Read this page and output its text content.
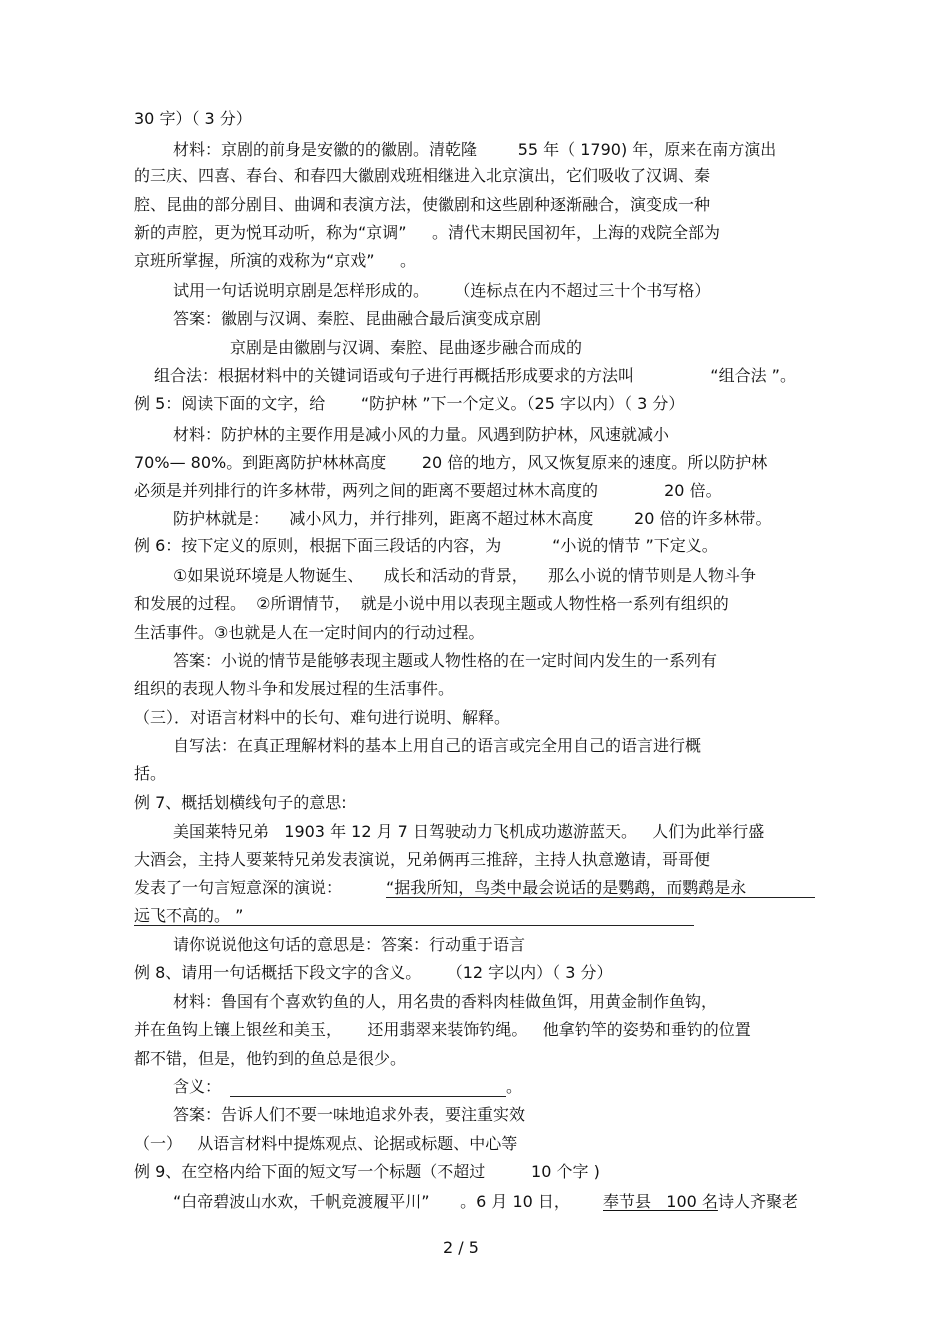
30 字）（ 3 分）
材料：京剧的前身是安徽的的徽剧。清乾隆        55 年（ 1790) 年，原来在南方演出
的三庆、四喜、春台、和春四大徽剧戏班相继进入北京演出，它们吸收了汉调、秦
腔、昆曲的部分剧目、曲调和表演方法，使徽剧和这些剧种逐渐融合，演变成一种
新的声腔，更为悦耳动听，称为“京调”     。清代末期民国初年，上海的戏院全部为
京班所掌握，所演的戏称为“京戏”     。
试用一句话说明京剧是怎样形成的。     （连标点在内不超过三十个书写格）
答案：徽剧与汉调、秦腔、昆曲融合最后演变成京剧
京剧是由徽剧与汉调、秦腔、昆曲逐步融合而成的
组合法：根据材料中的关键词语或句子进行再概括形成要求的方法叫               “组合法 ”。
例 5：阅读下面的文字，给       “防护林 ”下一个定义。（25 字以内）（ 3 分）
材料：防护林的主要作用是减小风的力量。风遇到防护林，风速就减小
70%— 80%。到距离防护林林高度       20 倍的地方，风又恢复原来的速度。所以防护林
必须是并列排行的许多林带，两列之间的距离不要超过林木高度的             20 倍。
防护林就是：    减小风力，并行排列，距离不超过林木高度        20 倍的许多林带。
例 6：按下定义的原则，根据下面三段话的内容，为          “小说的情节 ”下定义。
①如果说环境是人物诞生、    成长和活动的背景，    那么小说的情节则是人物斗争
和发展的过程。  ②所谓情节，  就是小说中用以表现主题或人物性格一系列有组织的
生活事件。③也就是人在一定时间内的行动过程。
答案：小说的情节是能够表现主题或人物性格的在一定时间内发生的一系列有
组织的表现人物斗争和发展过程的生活事件。
（三）．对语言材料中的长句、难句进行说明、解释。
自写法：在真正理解材料的基本上用自己的语言或完全用自己的语言进行概
括。
例 7、概括划横线句子的意思:
美国莱特兄弟   1903 年 12 月 7 日驾驶动力飞机成功遨游蓝天。   人们为此举行盛
大酒会，主持人要莱特兄弟发表演说，兄弟俩再三推辞，主持人执意邀请，哥哥便
发表了一句言短意深的演说：	“据我所知，鸟类中最会说话的是鹦鹉，而鹦鹉是永
远飞不高的。 ”
请你说说他这句话的意思是：答案：行动重于语言
例 8、请用一句话概括下段文字的含义。     （12 字以内）（ 3 分）
材料：鲁国有个喜欢钓鱼的人，用名贵的香料肉桂做鱼饵，用黄金制作鱼钩，
并在鱼钩上镶上银丝和美玉，     还用翡翠来装饰钓绳。   他拿钓竿的姿势和垂钓的位置
都不错，但是，他钓到的鱼总是很少。
含义：	。
答案：告诉人们不要一味地追求外表，要注重实效
（一）   从语言材料中提炼观点、论据或标题、中心等
例 9、在空格内给下面的短文写一个标题（不超过         10 个字 )
“白帝碧波山水欢，千帆竞渡履平川”      。6 月 10 日， 奉节县   100 名 诗人齐聚老
2 / 5
